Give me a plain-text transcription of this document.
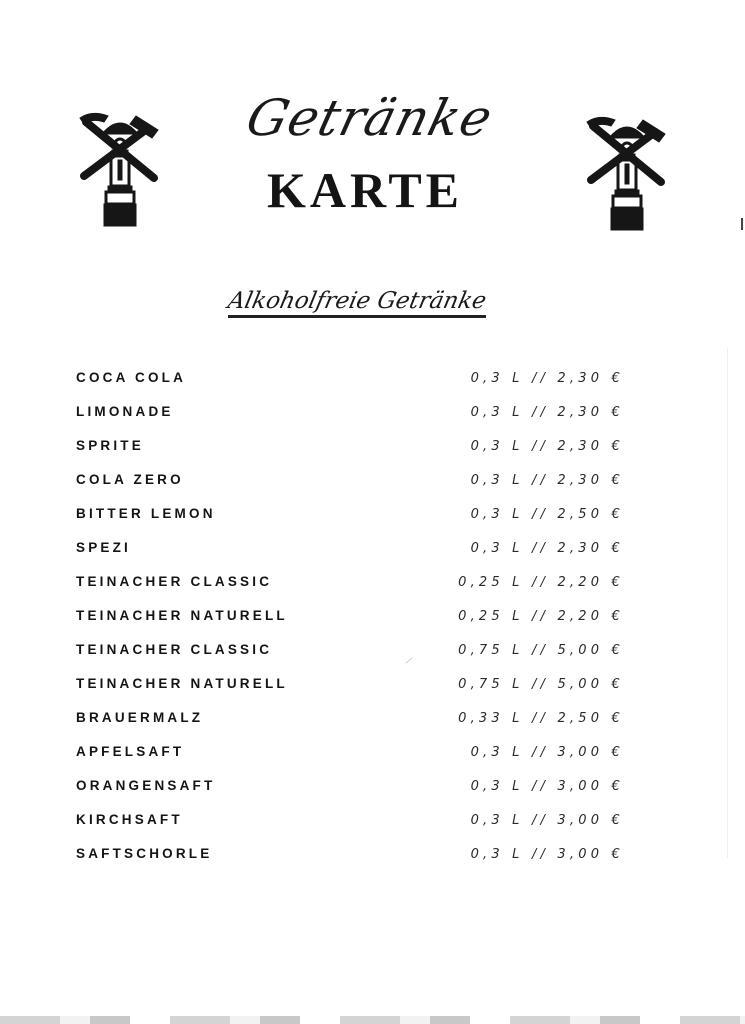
Getränke
KARTE
Alkoholfreie Getränke
COCA COLA	0,3 L // 2,30 €
LIMONADE	0,3 L // 2,30 €
SPRITE	0,3 L // 2,30 €
COLA ZERO	0,3 L // 2,30 €
BITTER LEMON	0,3 L // 2,50 €
SPEZI	0,3 L // 2,30 €
TEINACHER CLASSIC	0,25 L // 2,20 €
TEINACHER NATURELL	0,25 L // 2,20 €
TEINACHER CLASSIC	0,75 L // 5,00 €
TEINACHER NATURELL	0,75 L // 5,00 €
BRAUERMALZ	0,33 L // 2,50 €
APFELSAFT	0,3 L // 3,00 €
ORANGENSAFT	0,3 L // 3,00 €
KIRCHSAFT	0,3 L // 3,00 €
SAFTSCHORLE	0,3 L // 3,00 €
